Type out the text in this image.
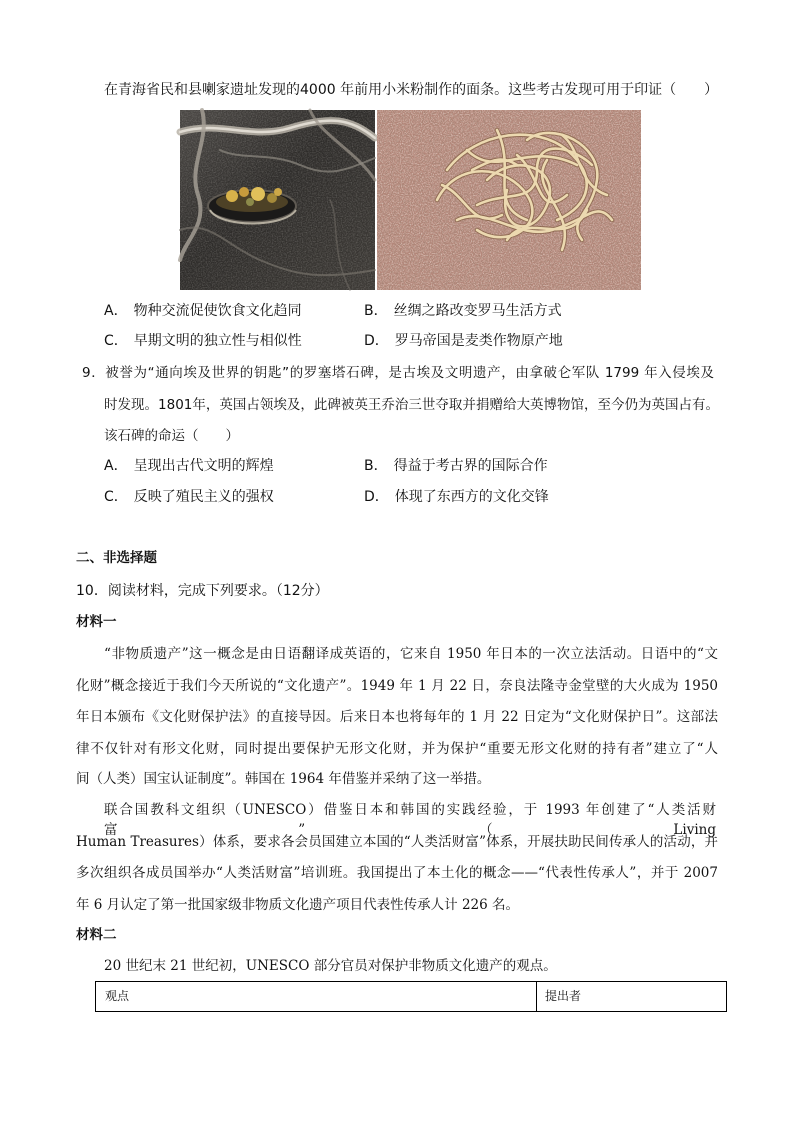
在青海省民和县喇家遗址发现的4000 年前用小米粉制作的面条。这些考古发现可用于印证（　　）
A． 物种交流促使饮食文化趋同	B． 丝绸之路改变罗马生活方式
C． 早期文明的独立性与相似性	D． 罗马帝国是麦类作物原产地
9．被誉为“通向埃及世界的钥匙”的罗塞塔石碑，是古埃及文明遗产，由拿破仑军队 1799 年入侵埃及
时发现。1801年，英国占领埃及，此碑被英王乔治三世夺取并捐赠给大英博物馆，至今仍为英国占有。
该石碑的命运（　　）
A． 呈现出古代文明的辉煌	B． 得益于考古界的国际合作
C． 反映了殖民主义的强权	D． 体现了东西方的文化交锋
二、非选择题
10．阅读材料，完成下列要求。（12分）
材料一
“非物质遗产”这一概念是由日语翻译成英语的，它来自 1950 年日本的一次立法活动。日语中的“文
化财”概念接近于我们今天所说的“文化遗产”。1949 年 1 月 22 日，奈良法隆寺金堂壁的大火成为 1950
年日本颁布《文化财保护法》的直接导因。后来日本也将每年的 1 月 22 日定为“文化财保护日”。这部法
律不仅针对有形文化财，同时提出要保护无形文化财，并为保护“重要无形文化财的持有者”建立了“人
间（人类）国宝认证制度”。韩国在 1964 年借鉴并采纳了这一举措。
联合国教科文组织（UNESCO）借鉴日本和韩国的实践经验，于 1993 年创建了“人类活财富”（Living
Human Treasures）体系，要求各会员国建立本国的“人类活财富”体系，开展扶助民间传承人的活动，并
多次组织各成员国举办“人类活财富”培训班。我国提出了本土化的概念——“代表性传承人”，并于 2007
年 6 月认定了第一批国家级非物质文化遗产项目代表性传承人计 226 名。
材料二
20 世纪末 21 世纪初，UNESCO 部分官员对保护非物质文化遗产的观点。
观点	提出者
